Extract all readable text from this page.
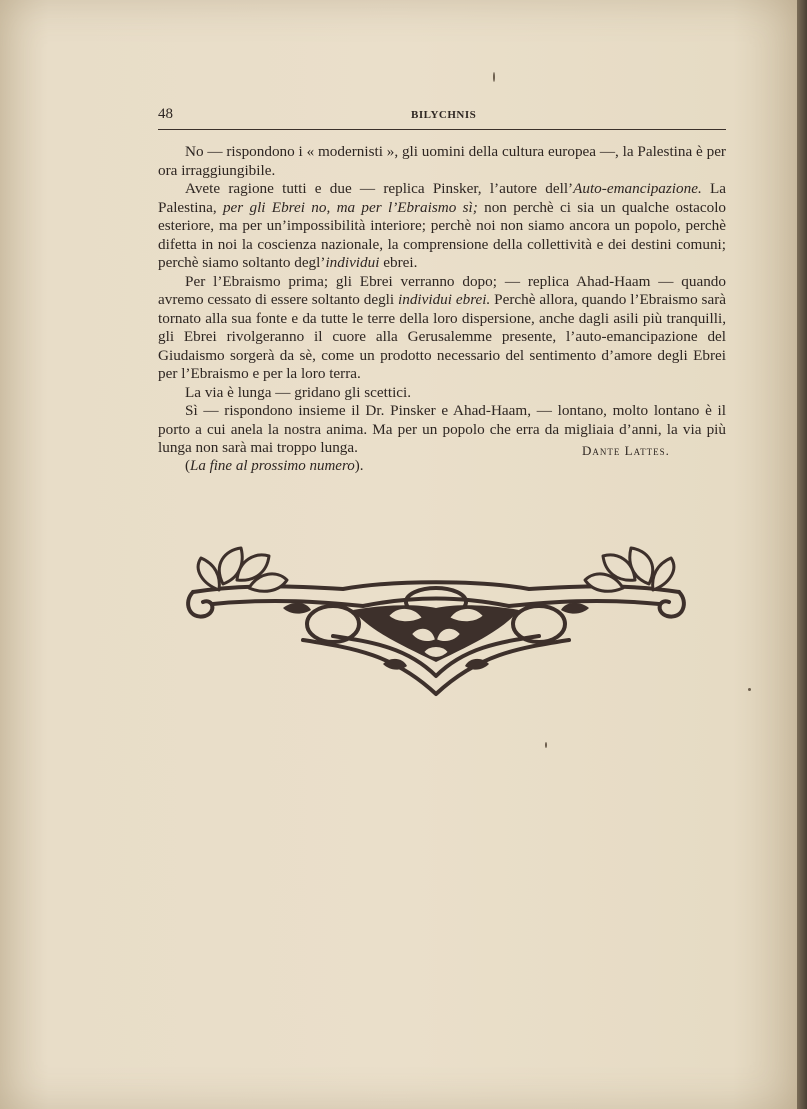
48	BILYCHNIS

No — rispondono i « modernisti », gli uomini della cultura europea —, la Palestina è per ora irraggiungibile.

Avete ragione tutti e due — replica Pinsker, l’autore dell’Auto-emancipazione. La Palestina, per gli Ebrei no, ma per l’Ebraismo sì; non perchè ci sia un qualche ostacolo esteriore, ma per un’impossibilità interiore; perchè noi non siamo ancora un popolo, perchè difetta in noi la coscienza nazionale, la comprensione della collettività e dei destini comuni; perchè siamo soltanto degl’individui ebrei.

Per l’Ebraismo prima; gli Ebrei verranno dopo; — replica Ahad-Haam — quando avremo cessato di essere soltanto degli individui ebrei. Perchè allora, quando l’Ebraismo sarà tornato alla sua fonte e da tutte le terre della loro dispersione, anche dagli asili più tranquilli, gli Ebrei rivolgeranno il cuore alla Gerusalemme presente, l’auto-emancipazione del Giudaismo sorgerà da sè, come un prodotto necessario del sentimento d’amore degli Ebrei per l’Ebraismo e per la loro terra.

La via è lunga — gridano gli scettici.

Sì — rispondono insieme il Dr. Pinsker e Ahad-Haam, — lontano, molto lontano è il porto a cui anela la nostra anima. Ma per un popolo che erra da migliaia d’anni, la via più lunga non sarà mai troppo lunga.	Dante Lattes.
(La fine al prossimo numero).
